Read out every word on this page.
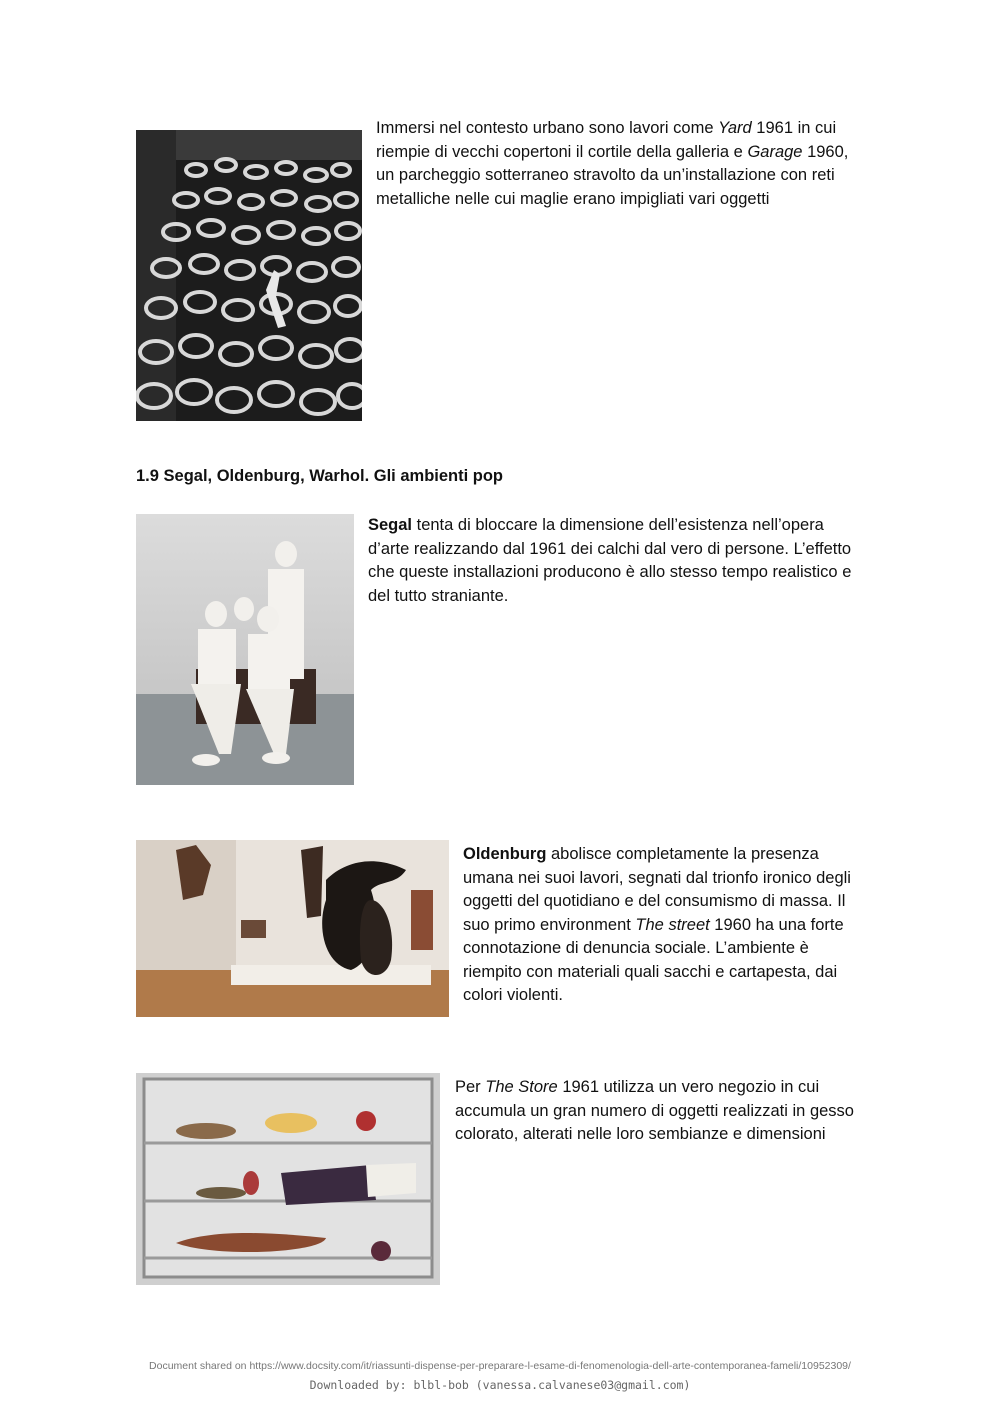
Immersi nel contesto urbano sono lavori come Yard 1961 in cui riempie di vecchi copertoni il cortile della galleria e Garage 1960, un parcheggio sotterraneo stravolto da un’installazione con reti metalliche nelle cui maglie erano impigliati vari oggetti
1.9 Segal, Oldenburg, Warhol. Gli ambienti pop
Segal tenta di bloccare la dimensione dell’esistenza nell’opera d’arte realizzando dal 1961 dei calchi dal vero di persone. L’effetto che queste installazioni producono è allo stesso tempo realistico e del tutto straniante.
Oldenburg abolisce completamente la presenza umana nei suoi lavori, segnati dal trionfo ironico degli oggetti del quotidiano e del consumismo di massa. Il suo primo environment The street 1960 ha una forte connotazione di denuncia sociale. L’ambiente è riempito con materiali quali sacchi e cartapesta, dai colori violenti.
Per The Store 1961 utilizza un vero negozio in cui accumula un gran numero di oggetti realizzati in gesso colorato, alterati nelle loro sembianze e dimensioni
Document shared on https://www.docsity.com/it/riassunti-dispense-per-preparare-l-esame-di-fenomenologia-dell-arte-contemporanea-fameli/10952309/
Downloaded by: blbl-bob (vanessa.calvanese03@gmail.com)
